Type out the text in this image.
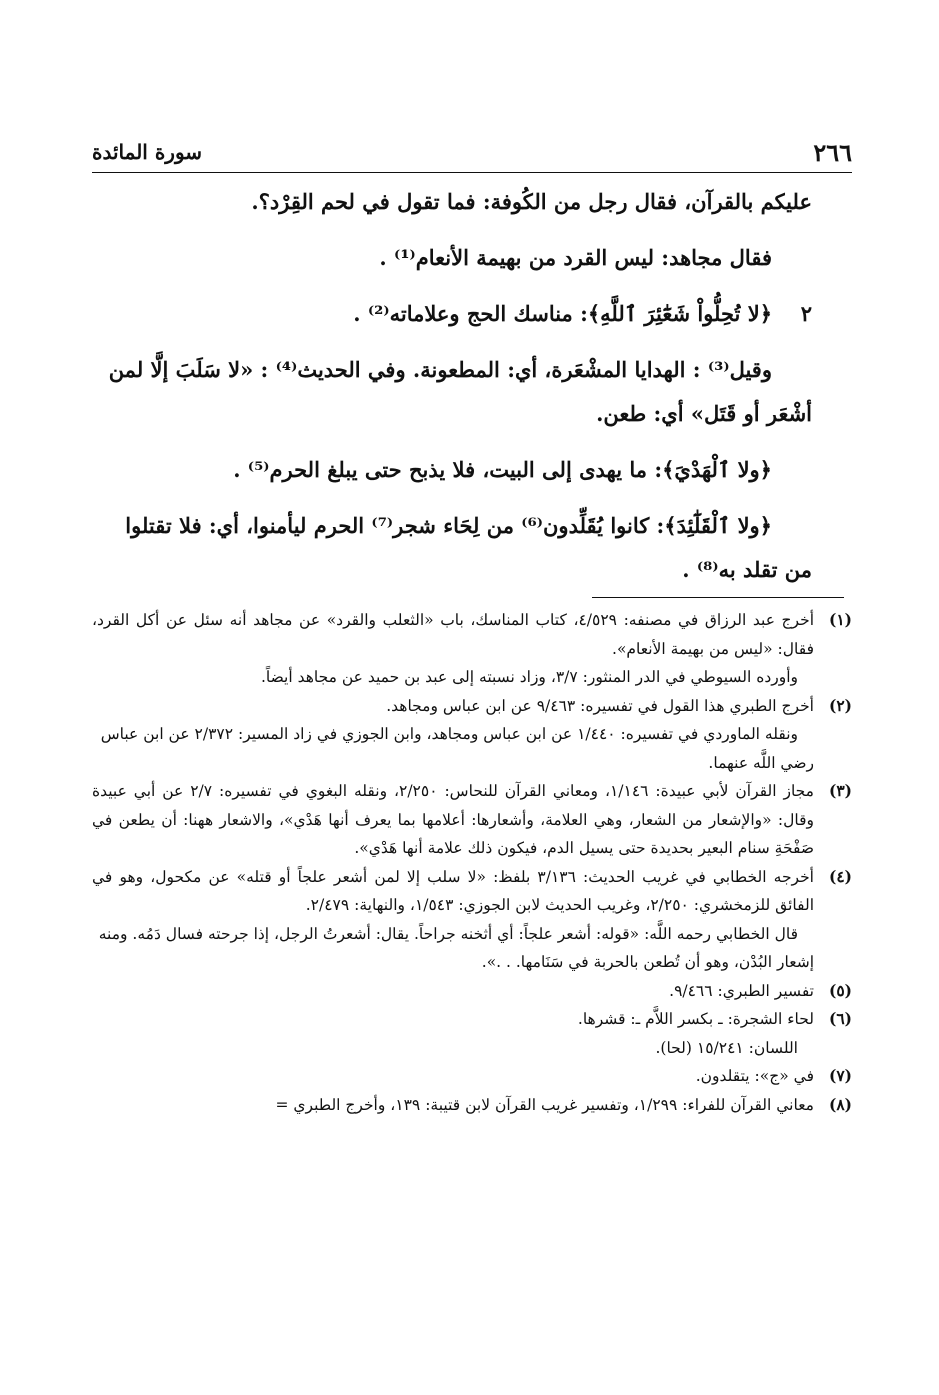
٢٦٦
سورة المائدة
عليكم بالقرآن، فقال رجل من الكُوفة: فما تقول في لحم القِرْد؟.
فقال مجاهد: ليس القرد من بهيمة الأنعام⁽¹⁾ .
٢
﴿لا تُحِلُّواْ شَعَٰٓئِرَ ٱللَّهِ﴾: مناسك الحج وعلاماته⁽²⁾ .
وقيل⁽³⁾ : الهدايا المشْعَرة، أي: المطعونة. وفي الحديث⁽⁴⁾ : «لا سَلَبَ إلَّا لمن أشْعَر أو قَتَل» أي: طعن.
﴿ولا ٱلْهَدْيَ﴾: ما يهدى إلى البيت، فلا يذبح حتى يبلغ الحرم⁽⁵⁾ .
﴿ولا ٱلْقَلَٰٓئِدَ﴾: كانوا يُقَلِّدون⁽⁶⁾ من لِحَاء شجر⁽⁷⁾ الحرم ليأمنوا، أي: فلا تقتلوا من تقلد به⁽⁸⁾ .
(١)
أخرج عبد الرزاق في مصنفه: ٤/٥٢٩، كتاب المناسك، باب «الثعلب والقرد» عن مجاهد أنه سئل عن أكل القرد، فقال: «ليس من بهيمة الأنعام».
وأورده السيوطي في الدر المنثور: ٣/٧، وزاد نسبته إلى عبد بن حميد عن مجاهد أيضاً.
(٢)
أخرج الطبري هذا القول في تفسيره: ٩/٤٦٣ عن ابن عباس ومجاهد.
ونقله الماوردي في تفسيره: ١/٤٤٠ عن ابن عباس ومجاهد، وابن الجوزي في زاد المسير: ٢/٣٧٢ عن ابن عباس رضي اللَّه عنهما.
(٣)
مجاز القرآن لأبي عبيدة: ١/١٤٦، ومعاني القرآن للنحاس: ٢/٢٥٠، ونقله البغوي في تفسيره: ٢/٧ عن أبي عبيدة وقال: «والإشعار من الشعار، وهي العلامة، وأشعارها: أعلامها بما يعرف أنها هَدْي»، والاشعار ههنا: أن يطعن في صَفْحَةِ سنام البعير بحديدة حتى يسيل الدم، فيكون ذلك علامة أنها هَدْي».
(٤)
أخرجه الخطابي في غريب الحديث: ٣/١٣٦ بلفظ: «لا سلب إلا لمن أشعر علجاً أو قتله» عن مكحول، وهو في الفائق للزمخشري: ٢/٢٥٠، وغريب الحديث لابن الجوزي: ١/٥٤٣، والنهاية: ٢/٤٧٩.
قال الخطابي رحمه اللَّه: «قوله: أشعر علجاً: أي أثخنه جراحاً. يقال: أشعرتُ الرجل، إذا جرحته فسال دَمُه. ومنه إشعار البُدْن، وهو أن تُطعن بالحربة في سَنَامها. . .».
(٥)
تفسير الطبري: ٩/٤٦٦.
(٦)
لحاء الشجرة: ـ بكسر اللاَّم ـ: قشرها.
اللسان: ١٥/٢٤١ (لحا).
(٧)
في «ج»: يتقلدون.
(٨)
معاني القرآن للفراء: ١/٢٩٩، وتفسير غريب القرآن لابن قتيبة: ١٣٩، وأخرج الطبري =
